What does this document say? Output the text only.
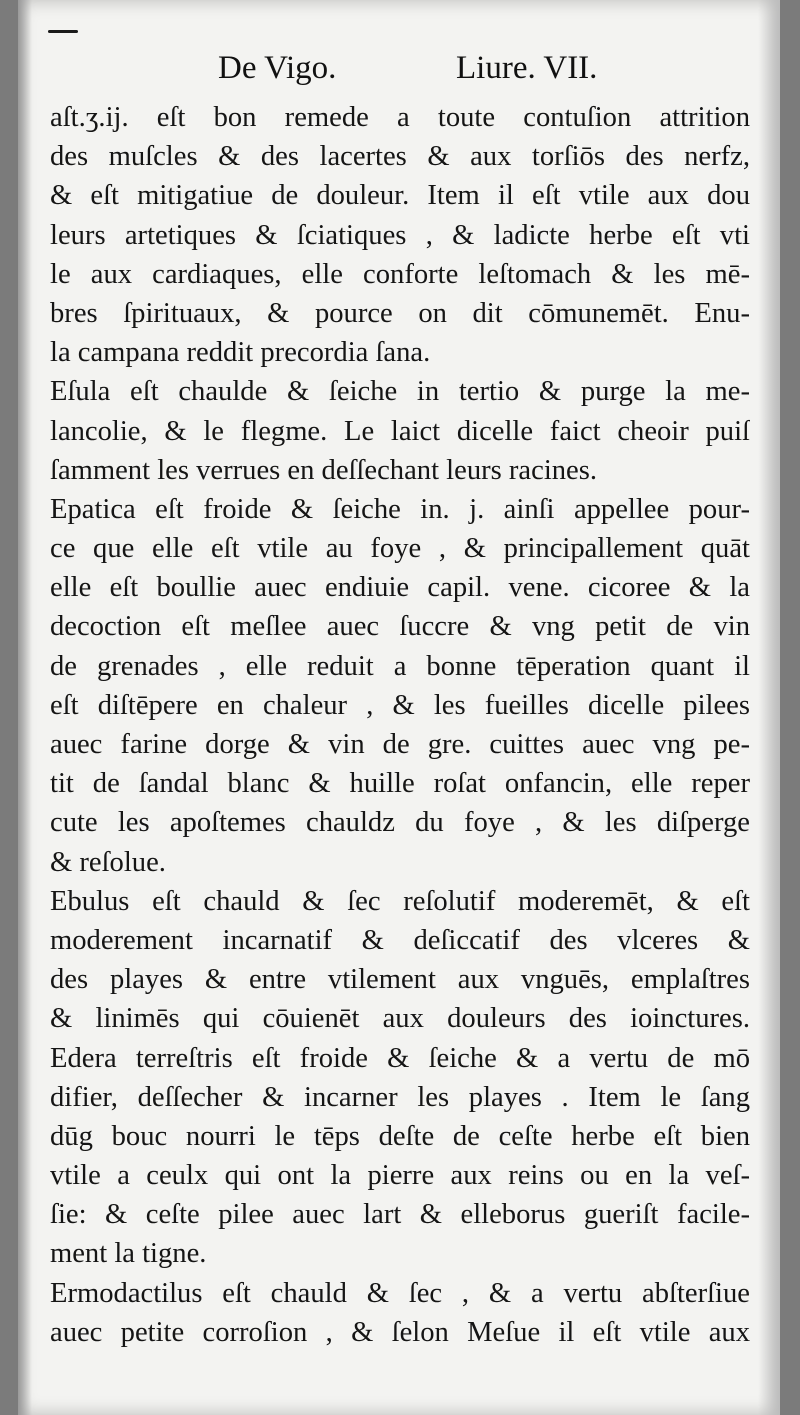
De Vigo.	Liure. VII.
aſt.ʒ.ij. eſt bon remede a toute contuſion attrition
des muſcles & des lacertes & aux torſiōs des nerfz,
& eſt mitigatiue de douleur. Item il eſt vtile aux dou
leurs artetiques & ſciatiques , & ladicte herbe eſt vti
le aux cardiaques, elle conforte leſtomach & les mē-
bres ſpirituaux, & pource on dit cōmunemēt. Enu-
la campana reddit precordia ſana.
Eſula eſt chaulde & ſeiche in tertio & purge la me-
lancolie, & le flegme. Le laict dicelle faict cheoir puiſ
ſamment les verrues en deſſechant leurs racines.
Epatica eſt froide & ſeiche in. j. ainſi appellee pour-
ce que elle eſt vtile au foye , & principallement quāt
elle eſt boullie auec endiuie capil. vene. cicoree & la
decoction eſt meſlee auec ſuccre & vng petit de vin
de grenades , elle reduit a bonne tēperation quant il
eſt diſtēpere en chaleur , & les fueilles dicelle pilees
auec farine dorge & vin de gre. cuittes auec vng pe-
tit de ſandal blanc & huille roſat onfancin, elle reper
cute les apoſtemes chauldz du foye , & les diſperge
& reſolue.
Ebulus eſt chauld & ſec reſolutif moderemēt, & eſt
moderement incarnatif & deſiccatif des vlceres &
des playes & entre vtilement aux vnguēs, emplaſtres
& linimēs qui cōuienēt aux douleurs des ioinctures.
Edera terreſtris eſt froide & ſeiche & a vertu de mō
difier, deſſecher & incarner les playes . Item le ſang
dūg bouc nourri le tēps deſte de ceſte herbe eſt bien
vtile a ceulx qui ont la pierre aux reins ou en la veſ-
ſie: & ceſte pilee auec lart & elleborus gueriſt facile-
ment la tigne.
Ermodactilus eſt chauld & ſec , & a vertu abſterſiue
auec petite corroſion , & ſelon Meſue il eſt vtile aux
